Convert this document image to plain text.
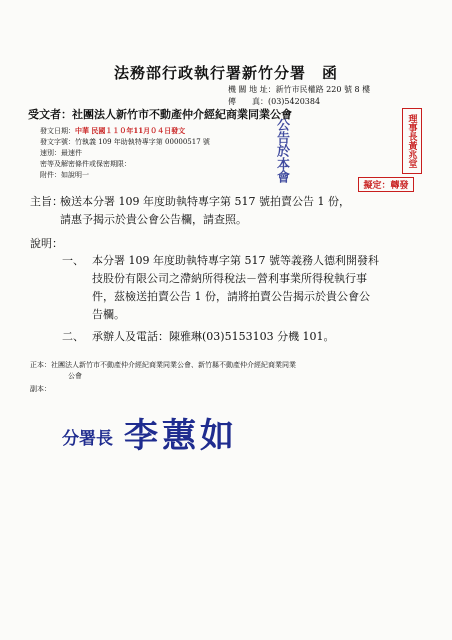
法務部行政執行署新竹分署　函
機 關 地 址：新竹市民權路 220 號 8 樓
傳　　真：(03)5420384
受文者：社團法人新竹市不動產仲介經紀商業同業公會
發文日期：中華 民國１１０年11月０４日發文
發文字號：竹執義 109 年助執特專字第 00000517 號
速別：最速件
密等及解密條件或保密期限：
附件：如說明一	公告於本會	理事長黃兆堂
擬定：轉發
主旨：
檢送本分署 109 年度助執特專字第 517 號拍賣公告 1 份，
請惠予揭示於貴公會公告欄，請查照。
說明：
一、 本分署 109 年度助執特專字第 517 號等義務人德利開發科
技股份有限公司之滯納所得稅法－營利事業所得稅執行事
件，茲檢送拍賣公告 1 份，請將拍賣公告揭示於貴公會公
告欄。
二、 承辦人及電話：陳雅琳(03)5153103 分機 101。
正本：社團法人新竹市不動產仲介經紀商業同業公會、新竹縣不動產仲介經紀商業同業
公會
副本：
分署長 李蕙如
